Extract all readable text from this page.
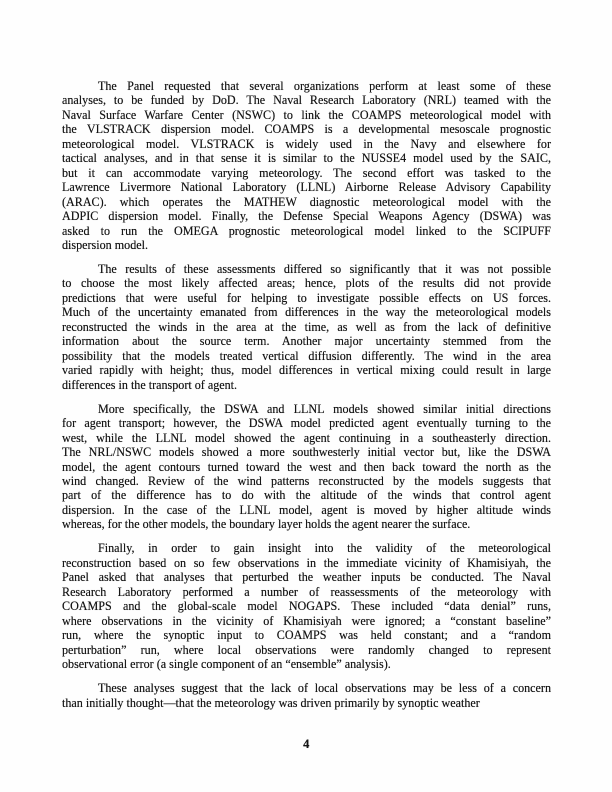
The Panel requested that several organizations perform at least some of these
analyses, to be funded by DoD. The Naval Research Laboratory (NRL) teamed with the
Naval Surface Warfare Center (NSWC) to link the COAMPS meteorological model with
the VLSTRACK dispersion model. COAMPS is a developmental mesoscale prognostic
meteorological model. VLSTRACK is widely used in the Navy and elsewhere for
tactical analyses, and in that sense it is similar to the NUSSE4 model used by the SAIC,
but it can accommodate varying meteorology. The second effort was tasked to the
Lawrence Livermore National Laboratory (LLNL) Airborne Release Advisory Capability
(ARAC). which operates the MATHEW diagnostic meteorological model with the
ADPIC dispersion model. Finally, the Defense Special Weapons Agency (DSWA) was
asked to run the OMEGA prognostic meteorological model linked to the SCIPUFF
dispersion model.

The results of these assessments differed so significantly that it was not possible
to choose the most likely affected areas; hence, plots of the results did not provide
predictions that were useful for helping to investigate possible effects on US forces.
Much of the uncertainty emanated from differences in the way the meteorological models
reconstructed the winds in the area at the time, as well as from the lack of definitive
information about the source term. Another major uncertainty stemmed from the
possibility that the models treated vertical diffusion differently. The wind in the area
varied rapidly with height; thus, model differences in vertical mixing could result in large
differences in the transport of agent.

More specifically, the DSWA and LLNL models showed similar initial directions
for agent transport; however, the DSWA model predicted agent eventually turning to the
west, while the LLNL model showed the agent continuing in a southeasterly direction.
The NRL/NSWC models showed a more southwesterly initial vector but, like the DSWA
model, the agent contours turned toward the west and then back toward the north as the
wind changed. Review of the wind patterns reconstructed by the models suggests that
part of the difference has to do with the altitude of the winds that control agent
dispersion. In the case of the LLNL model, agent is moved by higher altitude winds
whereas, for the other models, the boundary layer holds the agent nearer the surface.

Finally, in order to gain insight into the validity of the meteorological
reconstruction based on so few observations in the immediate vicinity of Khamisiyah, the
Panel asked that analyses that perturbed the weather inputs be conducted. The Naval
Research Laboratory performed a number of reassessments of the meteorology with
COAMPS and the global-scale model NOGAPS. These included “data denial” runs,
where observations in the vicinity of Khamisiyah were ignored; a “constant baseline”
run, where the synoptic input to COAMPS was held constant; and a “random
perturbation” run, where local observations were randomly changed to represent
observational error (a single component of an “ensemble” analysis).

These analyses suggest that the lack of local observations may be less of a concern
than initially thought—that the meteorology was driven primarily by synoptic weather

4
